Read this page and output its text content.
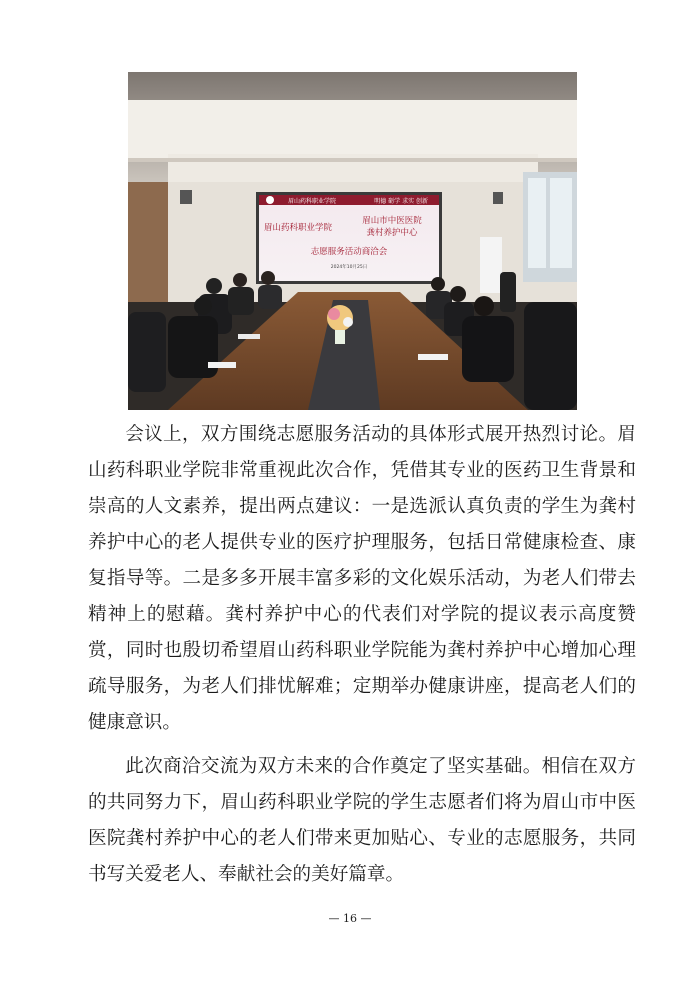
眉山药科职业学院	明德 砺学 求实 创新
眉山药科职业学院
眉山市中医医院
龚村养护中心
志愿服务活动商洽会
2024年10月25日

会议上，双方围绕志愿服务活动的具体形式展开热烈讨论。眉山药科职业学院非常重视此次合作，凭借其专业的医药卫生背景和崇高的人文素养，提出两点建议：一是选派认真负责的学生为龚村养护中心的老人提供专业的医疗护理服务，包括日常健康检查、康复指导等。二是多多开展丰富多彩的文化娱乐活动，为老人们带去精神上的慰藉。龚村养护中心的代表们对学院的提议表示高度赞赏，同时也殷切希望眉山药科职业学院能为龚村养护中心增加心理疏导服务，为老人们排忧解难；定期举办健康讲座，提高老人们的健康意识。

此次商洽交流为双方未来的合作奠定了坚实基础。相信在双方的共同努力下，眉山药科职业学院的学生志愿者们将为眉山市中医医院龚村养护中心的老人们带来更加贴心、专业的志愿服务，共同书写关爱老人、奉献社会的美好篇章。

— 16 —
